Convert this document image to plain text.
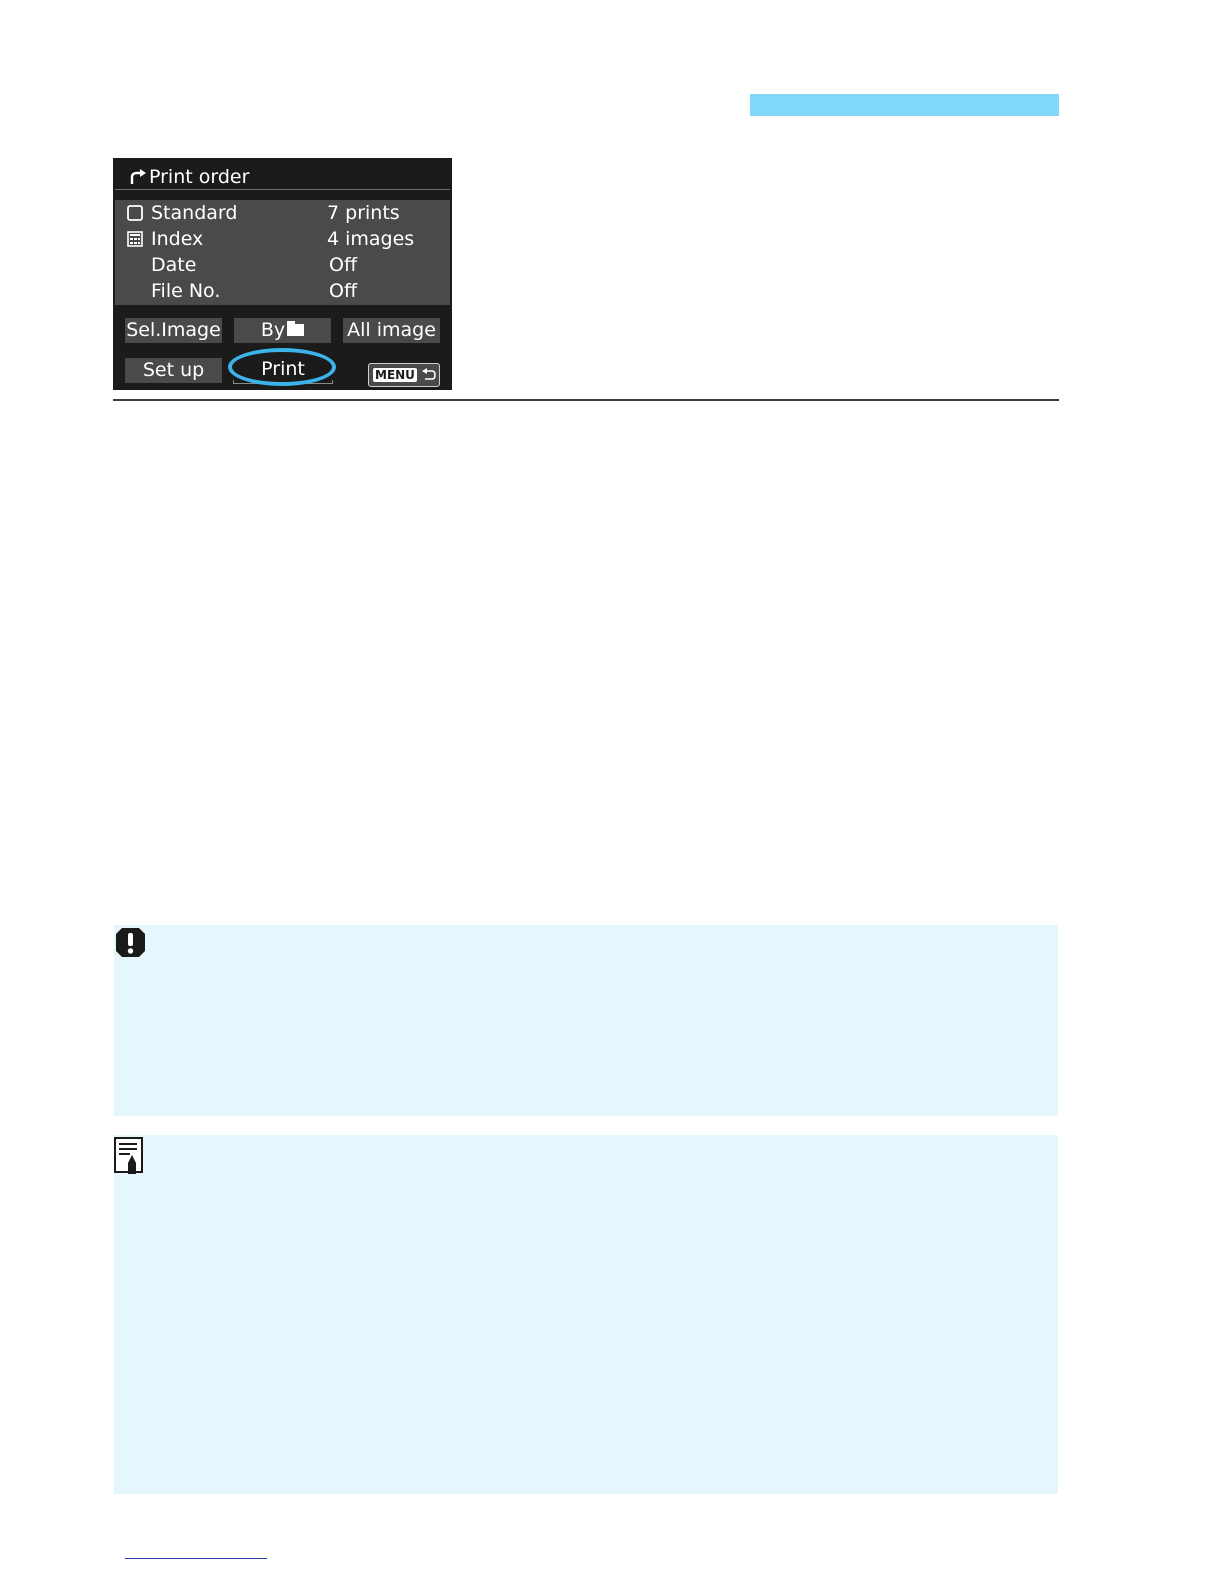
Print order
Standard	7 prints
Index	4 images
Date	Off
File No.	Off
Sel.Image	By	All image
Set up	Print	MENU
